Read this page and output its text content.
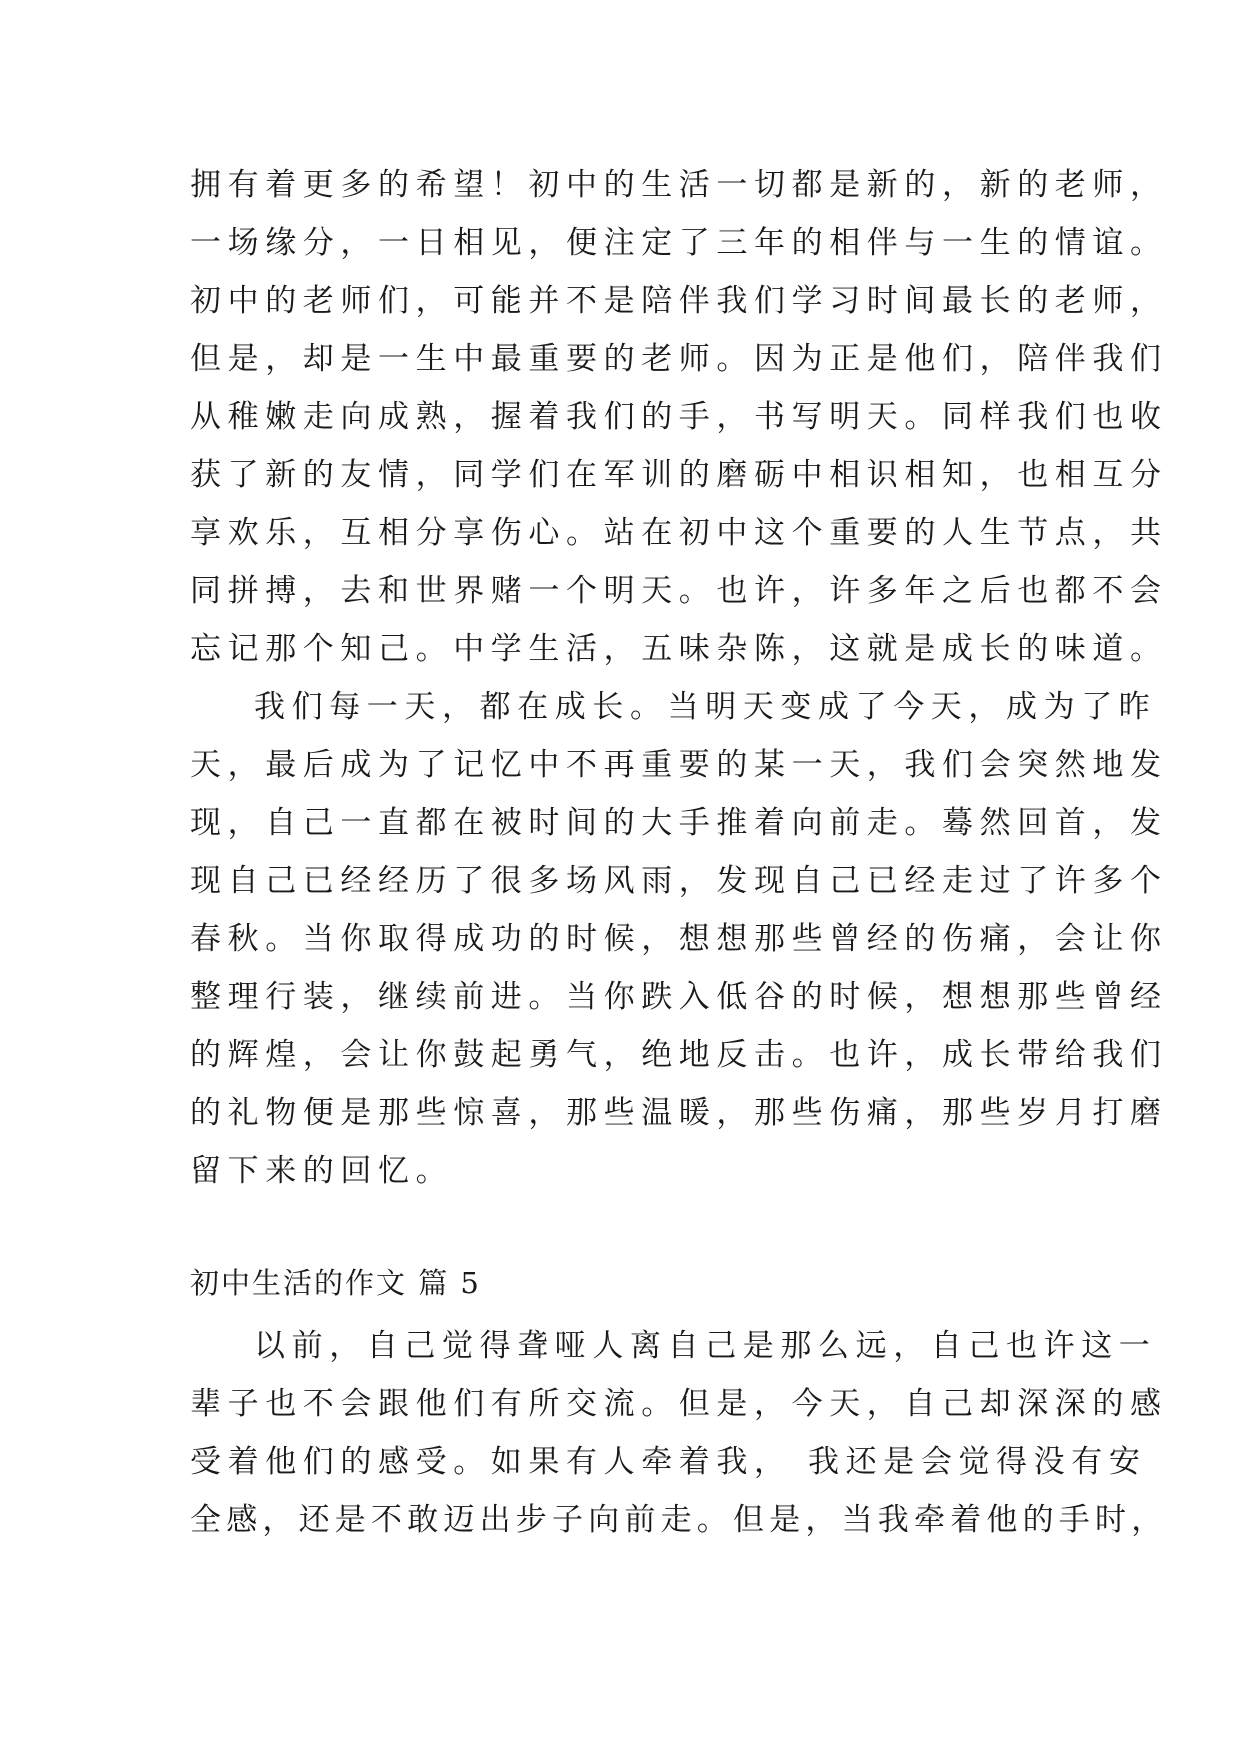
拥有着更多的希望！初中的生活一切都是新的，新的老师，
一场缘分，一日相见，便注定了三年的相伴与一生的情谊。
初中的老师们，可能并不是陪伴我们学习时间最长的老师，
但是，却是一生中最重要的老师。因为正是他们，陪伴我们
从稚嫩走向成熟，握着我们的手，书写明天。同样我们也收
获了新的友情，同学们在军训的磨砺中相识相知，也相互分
享欢乐，互相分享伤心。站在初中这个重要的人生节点，共
同拼搏，去和世界赌一个明天。也许，许多年之后也都不会
忘记那个知己。中学生活，五味杂陈，这就是成长的味道。
我们每一天，都在成长。当明天变成了今天，成为了昨
天，最后成为了记忆中不再重要的某一天，我们会突然地发
现，自己一直都在被时间的大手推着向前走。蓦然回首，发
现自己已经经历了很多场风雨，发现自己已经走过了许多个
春秋。当你取得成功的时候，想想那些曾经的伤痛，会让你
整理行装，继续前进。当你跌入低谷的时候，想想那些曾经
的辉煌，会让你鼓起勇气，绝地反击。也许，成长带给我们
的礼物便是那些惊喜，那些温暖，那些伤痛，那些岁月打磨
留下来的回忆。
初中生活的作文 篇 5
以前，自己觉得聋哑人离自己是那么远，自己也许这一
辈子也不会跟他们有所交流。但是，今天，自己却深深的感
受着他们的感受。如果有人牵着我， 我还是会觉得没有安
全感，还是不敢迈出步子向前走。但是，当我牵着他的手时，
